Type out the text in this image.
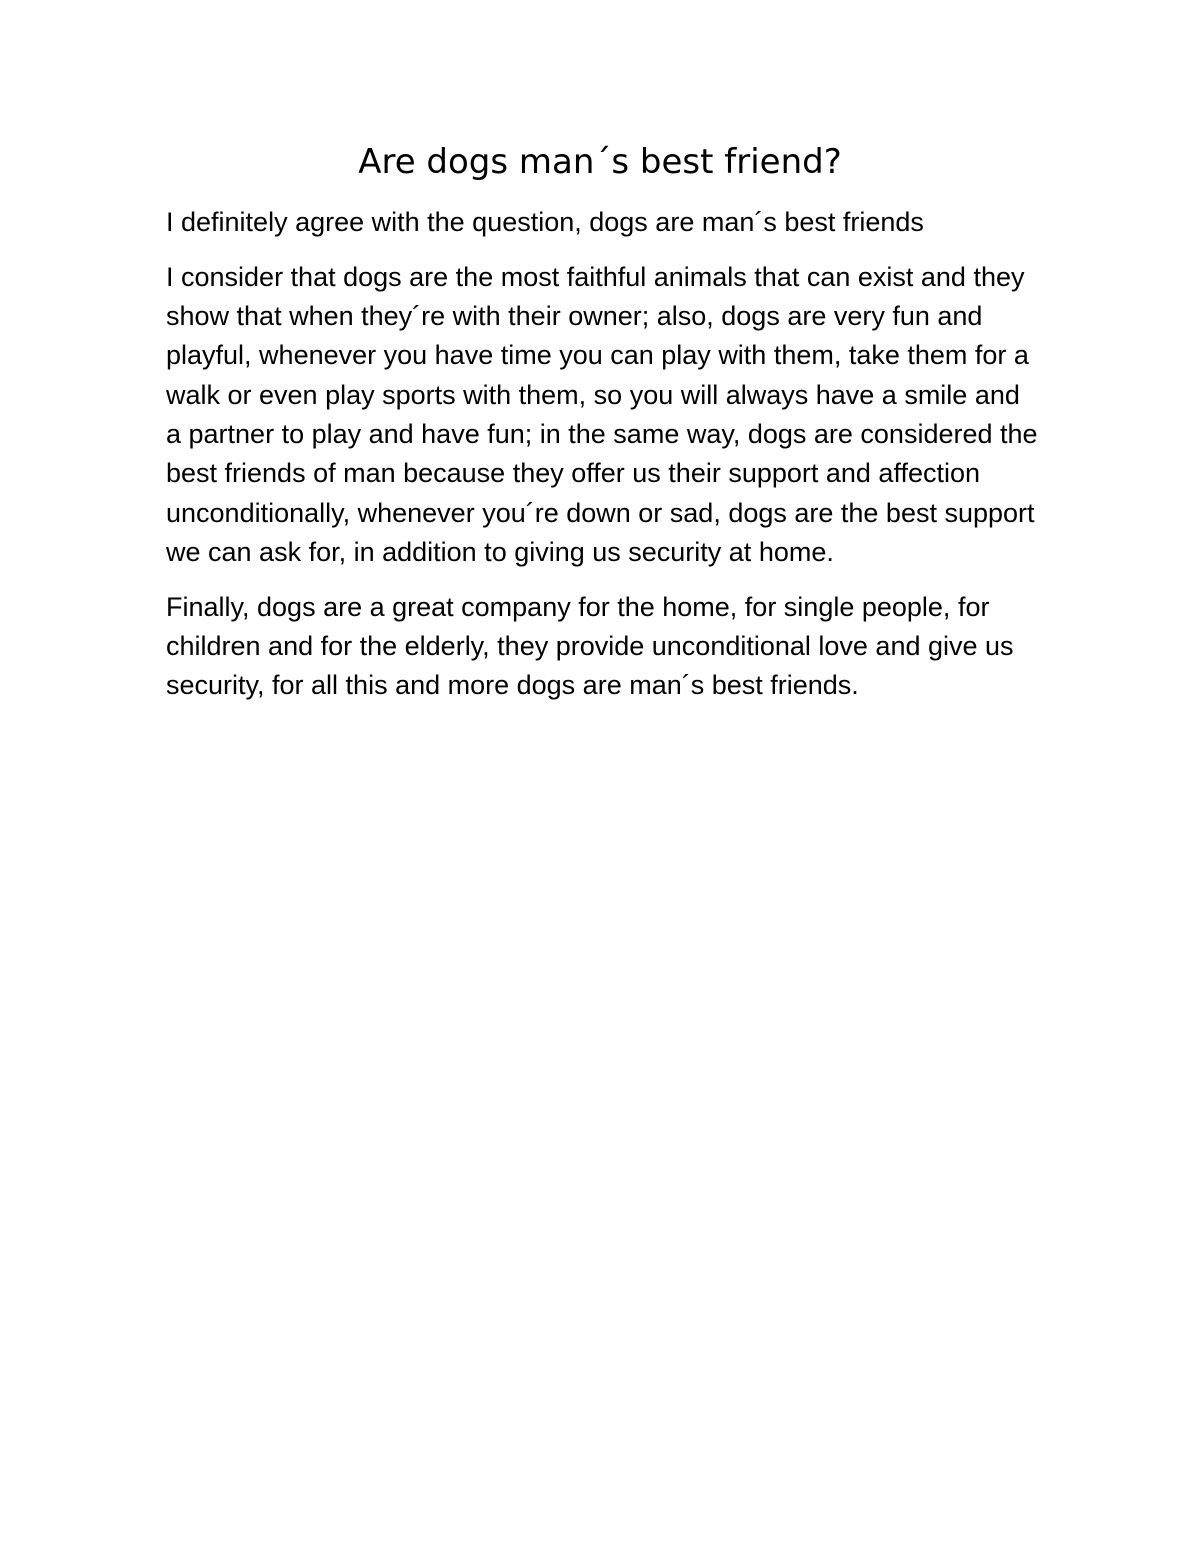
Are dogs man´s best friend?

I definitely agree with the question, dogs are man´s best friends

I consider that dogs are the most faithful animals that can exist and they show that when they´re with their owner; also, dogs are very fun and playful, whenever you have time you can play with them, take them for a walk or even play sports with them, so you will always have a smile and a partner to play and have fun; in the same way, dogs are considered the best friends of man because they offer us their support and affection unconditionally, whenever you´re down or sad, dogs are the best support we can ask for, in addition to giving us security at home.

Finally, dogs are a great company for the home, for single people, for children and for the elderly, they provide unconditional love and give us security, for all this and more dogs are man´s best friends.
